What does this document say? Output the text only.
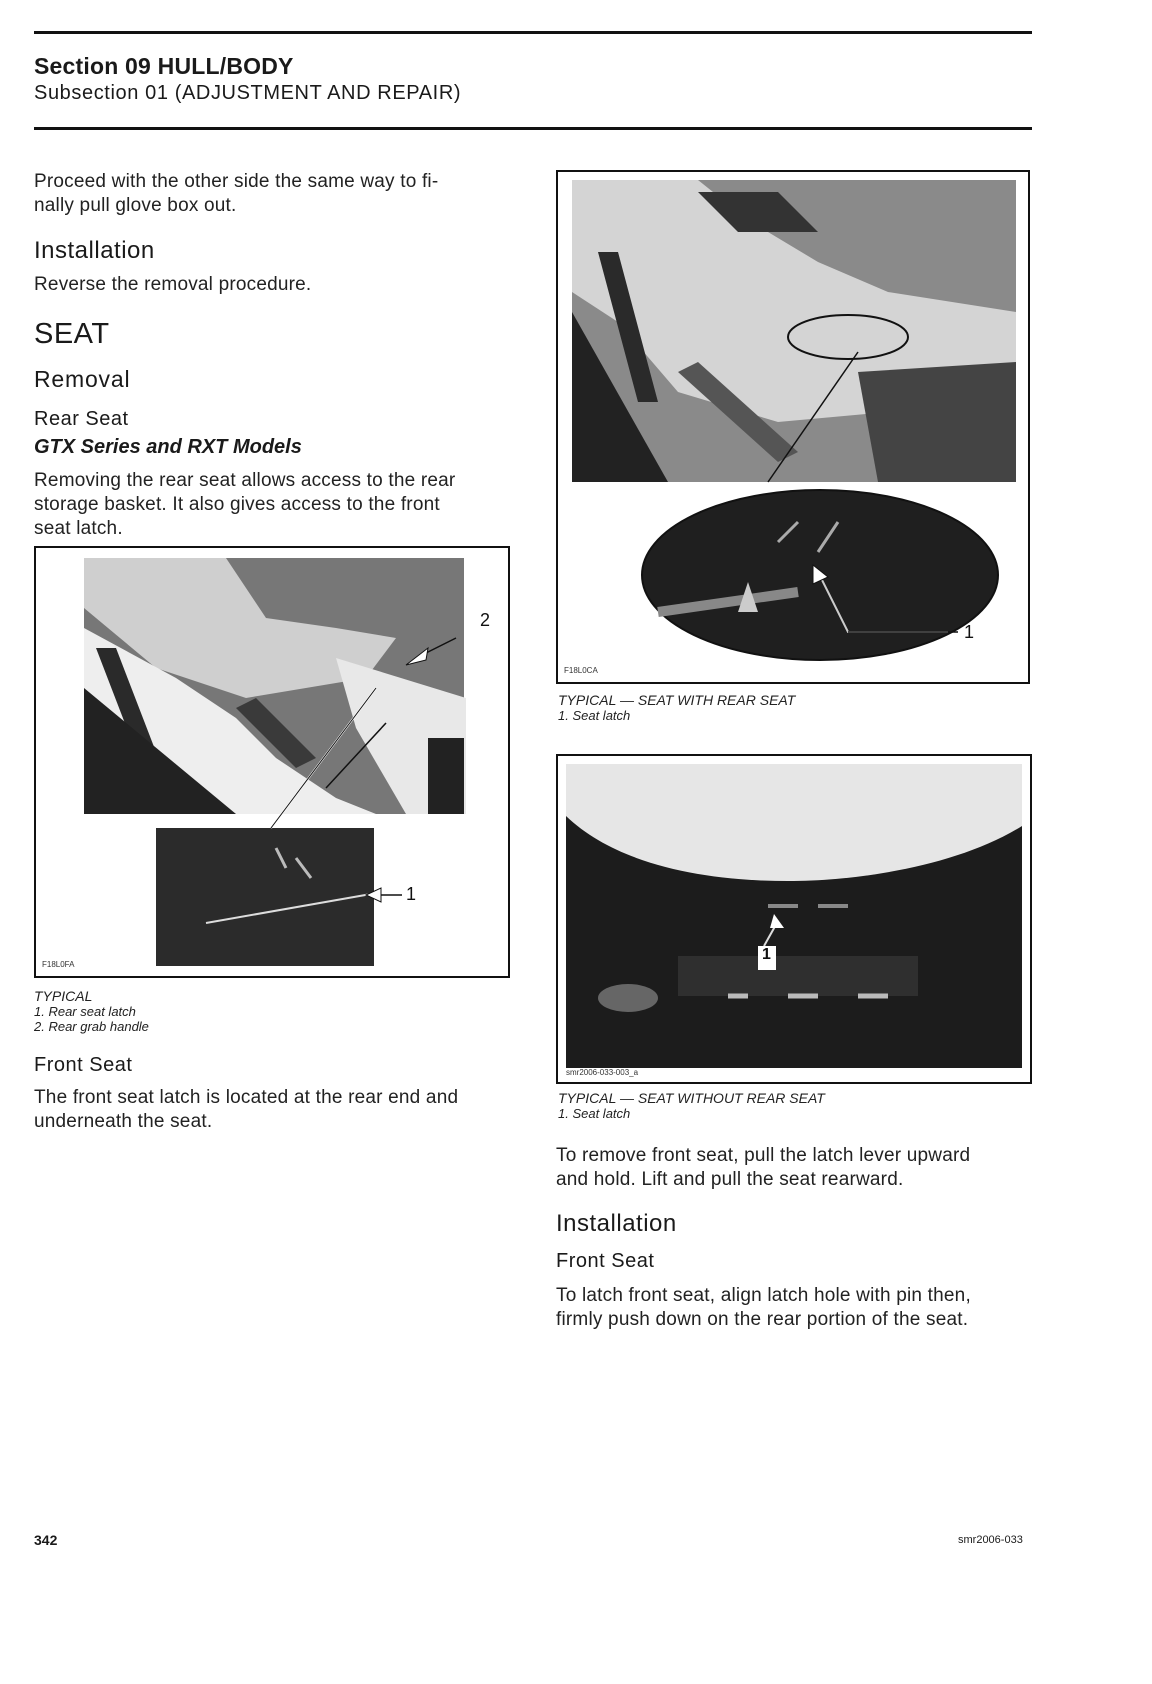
Section 09 HULL/BODY
Subsection 01 (ADJUSTMENT AND REPAIR)
Proceed with the other side the same way to fi-
nally pull glove box out.
Installation
Reverse the removal procedure.
SEAT
Removal
Rear Seat
GTX Series and RXT Models
Removing the rear seat allows access to the rear
storage basket. It also gives access to the front
seat latch.
2
1
F18L0FA
TYPICAL
1. Rear seat latch
2. Rear grab handle
Front Seat
The front seat latch is located at the rear end and
underneath the seat.
1
F18L0CA
TYPICAL — SEAT WITH REAR SEAT
1. Seat latch
1
smr2006-033-003_a
TYPICAL — SEAT WITHOUT REAR SEAT
1. Seat latch
To remove front seat, pull the latch lever upward
and hold. Lift and pull the seat rearward.
Installation
Front Seat
To latch front seat, align latch hole with pin then,
firmly push down on the rear portion of the seat.
342	smr2006-033
